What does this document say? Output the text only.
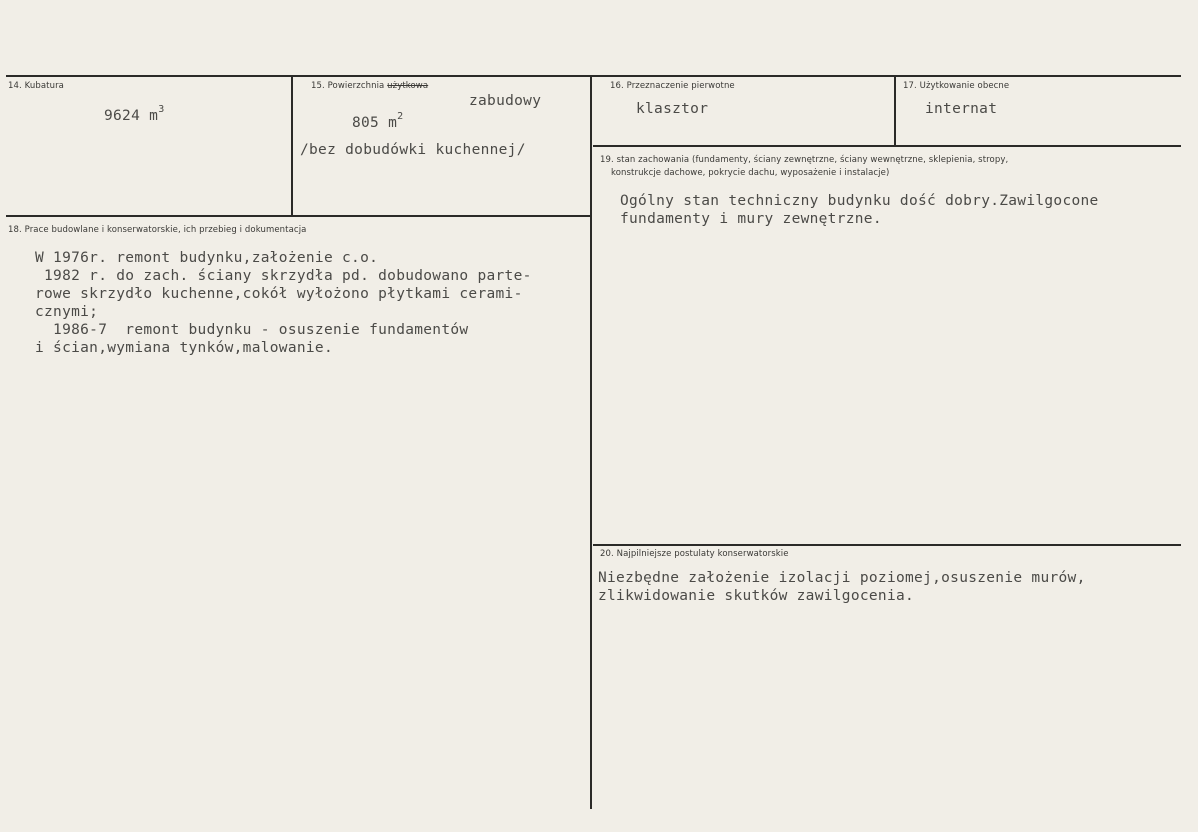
14. Kubatura
9624 $m^3$
15. Powierzchnia użytkowa
zabudowy
805 $m^2$
/bez dobudówki kuchennej/
16. Przeznaczenie pierwotne
klasztor
17. Użytkowanie obecne
internat
18. Prace budowlane i konserwatorskie, ich przebieg i dokumentacja
W 1976r. remont budynku,założenie c.o.
1982 r. do zach. ściany skrzydła pd. dobudowano parte-
rowe skrzydło kuchenne,cokół wyłożono płytkami cerami-
cznymi;
1986-7  remont budynku - osuszenie fundamentów
i ścian,wymiana tynków,malowanie.
19. stan zachowania (fundamenty, ściany zewnętrzne, ściany wewnętrzne, sklepienia, stropy,
konstrukcje dachowe, pokrycie dachu, wyposażenie i instalacje)
Ogólny stan techniczny budynku dość dobry.Zawilgocone
fundamenty i mury zewnętrzne.
20. Najpilniejsze postulaty konserwatorskie
Niezbędne założenie izolacji poziomej,osuszenie murów,
zlikwidowanie skutków zawilgocenia.
